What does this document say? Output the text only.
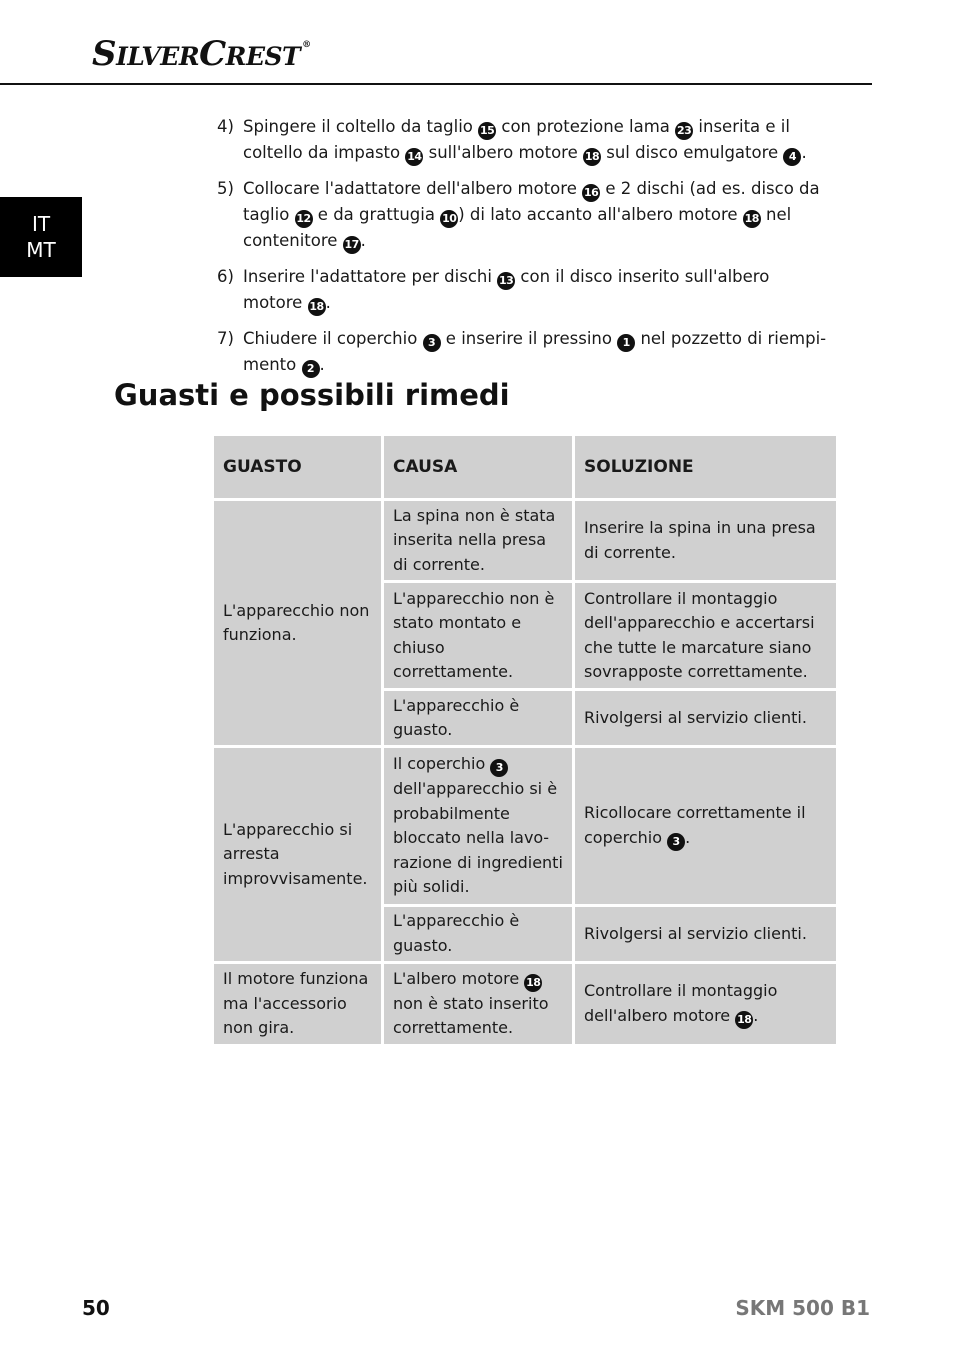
SILVERCREST ®
IT
MT
4) Spingere il coltello da taglio 15 con protezione lama 23 inserita e il coltello da impasto 14 sull'albero motore 18 sul disco emulgatore 4 .
5) Collocare l'adattatore dell'albero motore 16 e 2 dischi (ad es. disco da taglio 12 e da grattugia 10 ) di lato accanto all'albero motore 18 nel contenitore 17 .
6) Inserire l'adattatore per dischi 13 con il disco inserito sull'albero motore 18 .
7) Chiudere il coperchio 3 e inserire il pressino 1 nel pozzetto di riempimento 2 .
Guasti e possibili rimedi
GUASTO	CAUSA	SOLUZIONE
L'apparecchio non funziona.	La spina non è stata inserita nella presa di corrente.	Inserire la spina in una presa di corrente.
	L'apparecchio non è stato montato e chiuso correttamente.	Controllare il montaggio dell'apparecchio e accertarsi che tutte le marcature siano sovrapposte correttamente.
	L'apparecchio è guasto.	Rivolgersi al servizio clienti.
L'apparecchio si arresta improvvisamente.	Il coperchio 3 dell'apparecchio si è probabilmente bloccato nella lavorazione di ingredienti più solidi.	Ricollocare correttamente il coperchio 3 .
	L'apparecchio è guasto.	Rivolgersi al servizio clienti.
Il motore funziona ma l'accessorio non gira.	L'albero motore 18 non è stato inserito correttamente.	Controllare il montaggio dell'albero motore 18 .
50	SKM 500 B1
